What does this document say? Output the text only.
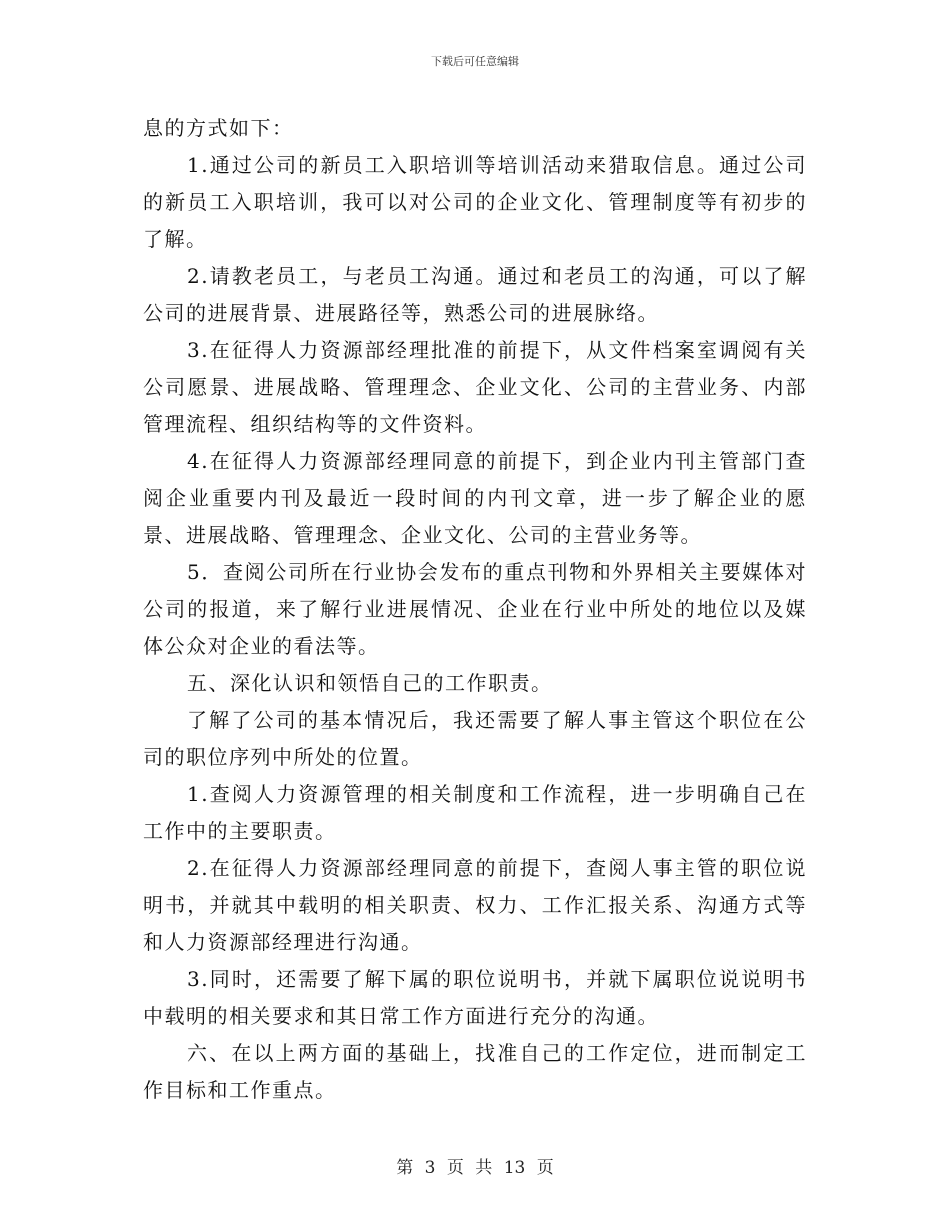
下载后可任意编辑

息的方式如下：

1.通过公司的新员工入职培训等培训活动来猎取信息。通过公司的新员工入职培训，我可以对公司的企业文化、管理制度等有初步的了解。

2.请教老员工，与老员工沟通。通过和老员工的沟通，可以了解公司的进展背景、进展路径等，熟悉公司的进展脉络。

3.在征得人力资源部经理批准的前提下，从文件档案室调阅有关公司愿景、进展战略、管理理念、企业文化、公司的主营业务、内部管理流程、组织结构等的文件资料。

4.在征得人力资源部经理同意的前提下，到企业内刊主管部门查阅企业重要内刊及最近一段时间的内刊文章，进一步了解企业的愿景、进展战略、管理理念、企业文化、公司的主营业务等。

5．查阅公司所在行业协会发布的重点刊物和外界相关主要媒体对公司的报道，来了解行业进展情况、企业在行业中所处的地位以及媒体公众对企业的看法等。

五、深化认识和领悟自己的工作职责。

了解了公司的基本情况后，我还需要了解人事主管这个职位在公司的职位序列中所处的位置。

1.查阅人力资源管理的相关制度和工作流程，进一步明确自己在工作中的主要职责。

2.在征得人力资源部经理同意的前提下，查阅人事主管的职位说明书，并就其中载明的相关职责、权力、工作汇报关系、沟通方式等和人力资源部经理进行沟通。

3.同时，还需要了解下属的职位说明书，并就下属职位说说明书中载明的相关要求和其日常工作方面进行充分的沟通。

六、在以上两方面的基础上，找准自己的工作定位，进而制定工作目标和工作重点。

第 3 页 共 13 页
